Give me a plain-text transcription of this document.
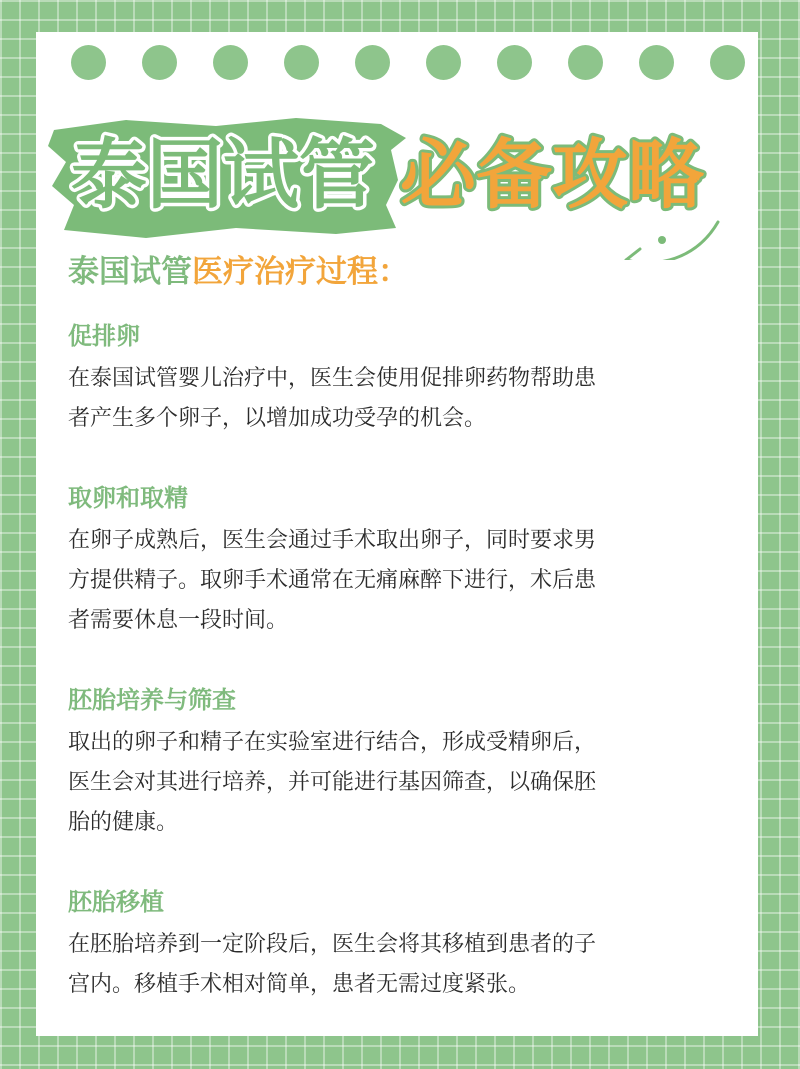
泰国试管 必备攻略
泰国试管医疗治疗过程：
促排卵
在泰国试管婴儿治疗中，医生会使用促排卵药物帮助患
者产生多个卵子，以增加成功受孕的机会。
取卵和取精
在卵子成熟后，医生会通过手术取出卵子，同时要求男
方提供精子。取卵手术通常在无痛麻醉下进行，术后患
者需要休息一段时间。
胚胎培养与筛查
取出的卵子和精子在实验室进行结合，形成受精卵后，
医生会对其进行培养，并可能进行基因筛查，以确保胚
胎的健康。
胚胎移植
在胚胎培养到一定阶段后，医生会将其移植到患者的子
宫内。移植手术相对简单，患者无需过度紧张。
